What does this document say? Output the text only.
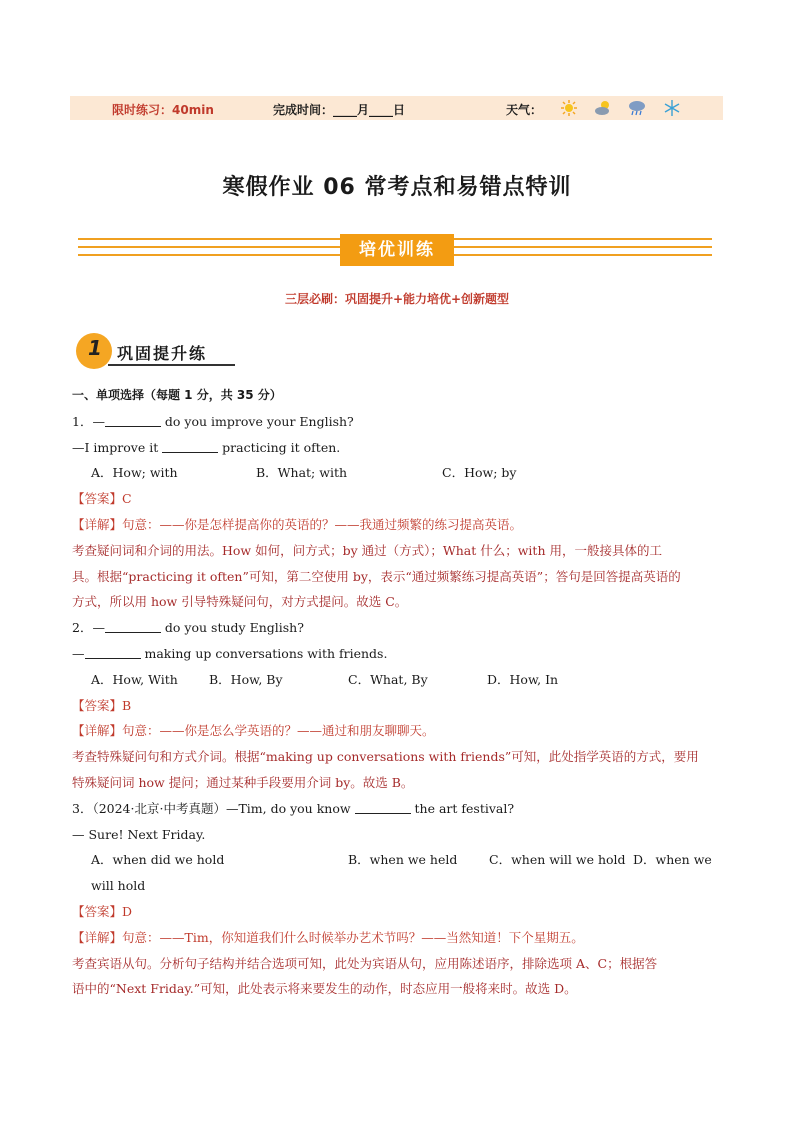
限时练习：40min	完成时间：____月____日	天气：
寒假作业 06 常考点和易错点特训
培优训练
三层必刷：巩固提升+能力培优+创新题型
1 巩固提升练

一、单项选择（每题 1 分，共 35 分）

1．—	do you improve your English?

—I improve it	practicing it often.

A．How; with	B．What; with	C．How; by

【答案】C

【详解】句意：——你是怎样提高你的英语的？——我通过频繁的练习提高英语。

考查疑问词和介词的用法。How 如何，问方式；by 通过（方式）；What 什么；with 用，一般接具体的工

具。根据“practicing it often”可知，第二空使用 by，表示“通过频繁练习提高英语”；答句是回答提高英语的

方式，所以用 how 引导特殊疑问句，对方式提问。故选 C。

2．—	do you study English?

—	making up conversations with friends.

A．How, With	B．How, By	C．What, By	D．How, In

【答案】B

【详解】句意：——你是怎么学英语的？——通过和朋友聊聊天。

考查特殊疑问句和方式介词。根据“making up conversations with friends”可知，此处指学英语的方式，要用

特殊疑问词 how 提问；通过某种手段要用介词 by。故选 B。

3．（2024·北京·中考真题）—Tim, do you know	the art festival?

— Sure! Next Friday.

A．when did we hold	B．when we held	C．when will we hold D．when we

will hold

【答案】D

【详解】句意：——Tim，你知道我们什么时候举办艺术节吗？——当然知道！下个星期五。

考查宾语从句。分析句子结构并结合选项可知，此处为宾语从句，应用陈述语序，排除选项 A、C；根据答

语中的“Next Friday.”可知，此处表示将来要发生的动作，时态应用一般将来时。故选 D。
